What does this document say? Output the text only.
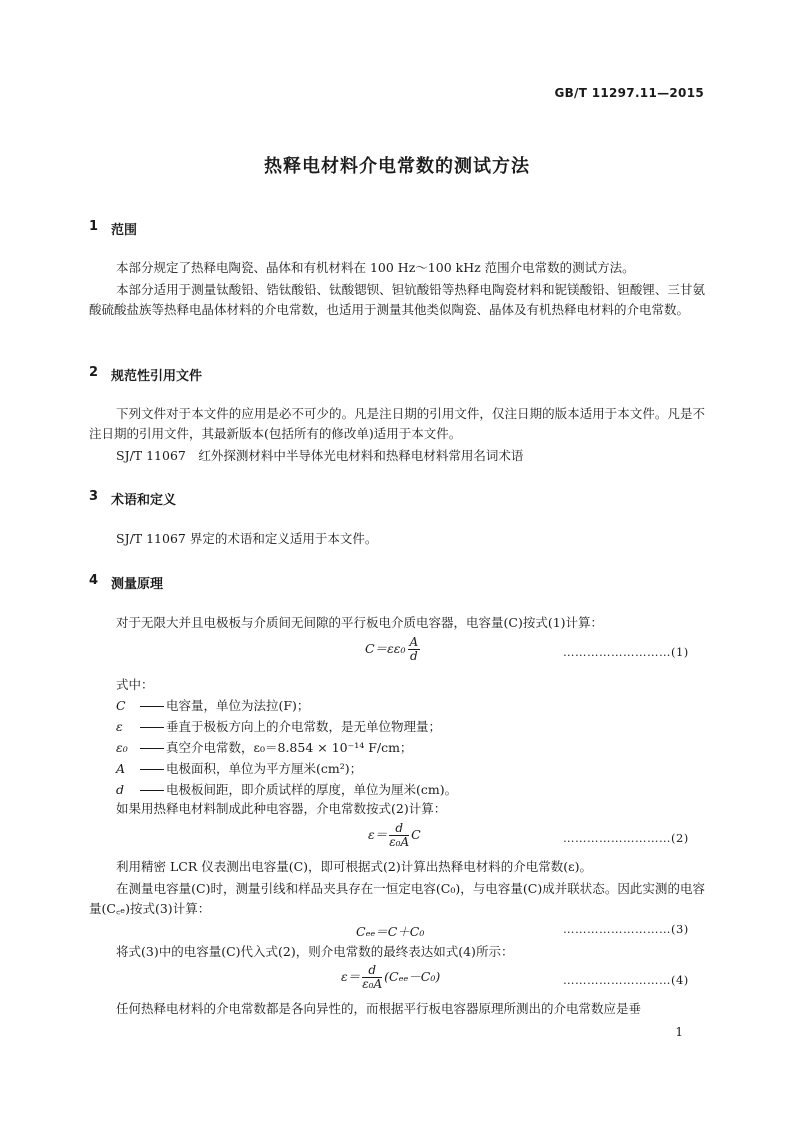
GB/T 11297.11—2015
热释电材料介电常数的测试方法
1 范围
本部分规定了热释电陶瓷、晶体和有机材料在 100 Hz～100 kHz 范围介电常数的测试方法。
本部分适用于测量钛酸铅、锆钛酸铅、钛酸锶钡、钽钪酸铅等热释电陶瓷材料和铌镁酸铅、钽酸锂、三甘氨酸硫酸盐族等热释电晶体材料的介电常数，也适用于测量其他类似陶瓷、晶体及有机热释电材料的介电常数。
2 规范性引用文件
下列文件对于本文件的应用是必不可少的。凡是注日期的引用文件，仅注日期的版本适用于本文件。凡是不注日期的引用文件，其最新版本(包括所有的修改单)适用于本文件。
SJ/T 11067　红外探测材料中半导体光电材料和热释电材料常用名词术语
3 术语和定义
SJ/T 11067 界定的术语和定义适用于本文件。
4 测量原理
对于无限大并且电极板与介质间无间隙的平行板电介质电容器，电容量(C)按式(1)计算：
$C=\varepsilon\varepsilon_0 \frac{A}{d}$	………………………(1)
式中：
C	电容量，单位为法拉(F)；
ε	垂直于极板方向上的介电常数，是无单位物理量；
ε₀	真空介电常数，ε₀＝8.854 × 10⁻¹⁴ F/cm；
A	电极面积，单位为平方厘米(cm²)；
d	电极板间距，即介质试样的厚度，单位为厘米(cm)。
如果用热释电材料制成此种电容器，介电常数按式(2)计算：
$\varepsilon= \frac{d}{\text{ε₀A}}$ C	………………………(2)
利用精密 LCR 仪表测出电容量(C)，即可根据式(2)计算出热释电材料的介电常数(ε)。
在测量电容量(C)时，测量引线和样品夹具存在一恒定电容(C₀)，与电容量(C)成并联状态。因此实测的电容量(C꜀ₑ)按式(3)计算：
Cₑₑ＝C＋C₀	………………………(3)
将式(3)中的电容量(C)代入式(2)，则介电常数的最终表达如式(4)所示：
$\varepsilon= \frac{d}{\text{ε₀A}} (C_{ee}-C_0)$	………………………(4)
任何热释电材料的介电常数都是各向异性的，而根据平行板电容器原理所测出的介电常数应是垂
1
